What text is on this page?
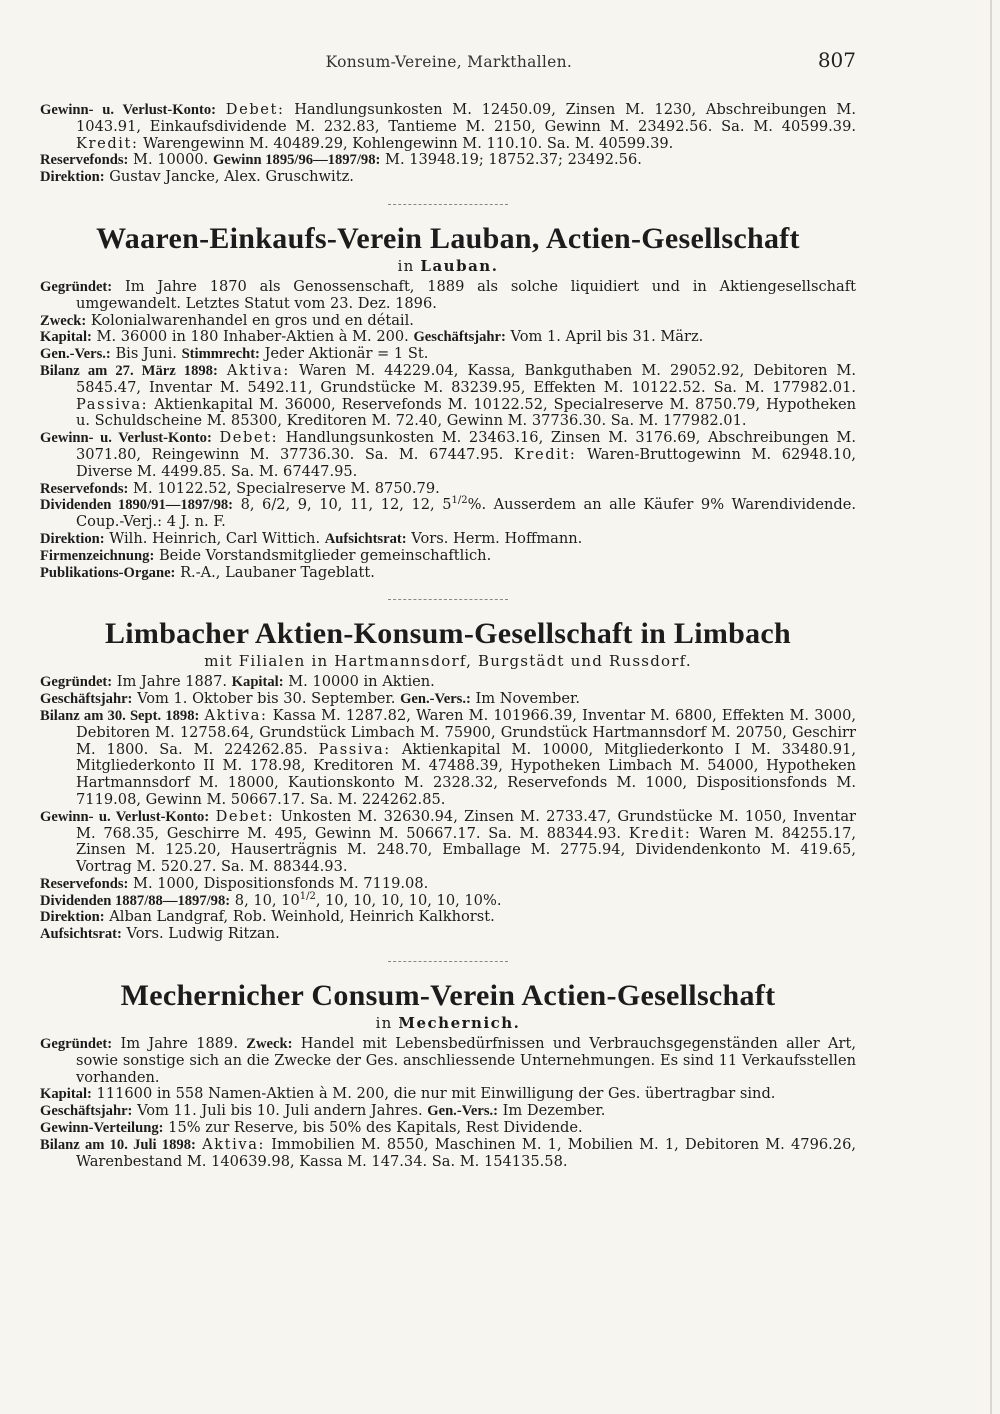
Konsum-Vereine, Markthallen.	807

Gewinn- u. Verlust-Konto: Debet: Handlungsunkosten M. 12450.09, Zinsen M. 1230, Abschreibungen M. 1043.91, Einkaufsdividende M. 232.83, Tantieme M. 2150, Gewinn M. 23492.56. Sa. M. 40599.39. Kredit: Warengewinn M. 40489.29, Kohlengewinn M. 110.10. Sa. M. 40599.39.

Reservefonds: M. 10000. Gewinn 1895/96—1897/98: M. 13948.19; 18752.37; 23492.56.

Direktion: Gustav Jancke, Alex. Gruschwitz.

Waaren-Einkaufs-Verein Lauban, Actien-Gesellschaft
in Lauban.

Gegründet: Im Jahre 1870 als Genossenschaft, 1889 als solche liquidiert und in Aktiengesellschaft umgewandelt. Letztes Statut vom 23. Dez. 1896.

Zweck: Kolonialwarenhandel en gros und en détail.

Kapital: M. 36000 in 180 Inhaber-Aktien à M. 200. Geschäftsjahr: Vom 1. April bis 31. März.

Gen.-Vers.: Bis Juni. Stimmrecht: Jeder Aktionär = 1 St.

Bilanz am 27. März 1898: Aktiva: Waren M. 44229.04, Kassa, Bankguthaben M. 29052.92, Debitoren M. 5845.47, Inventar M. 5492.11, Grundstücke M. 83239.95, Effekten M. 10122.52. Sa. M. 177982.01. Passiva: Aktienkapital M. 36000, Reservefonds M. 10122.52, Specialreserve M. 8750.79, Hypotheken u. Schuldscheine M. 85300, Kreditoren M. 72.40, Gewinn M. 37736.30. Sa. M. 177982.01.

Gewinn- u. Verlust-Konto: Debet: Handlungsunkosten M. 23463.16, Zinsen M. 3176.69, Abschreibungen M. 3071.80, Reingewinn M. 37736.30. Sa. M. 67447.95. Kredit: Waren-Bruttogewinn M. 62948.10, Diverse M. 4499.85. Sa. M. 67447.95.

Reservefonds: M. 10122.52, Specialreserve M. 8750.79.

Dividenden 1890/91—1897/98: 8, 6/2, 9, 10, 11, 12, 12, $5^{1/2}\%$. Ausserdem an alle Käufer 9% Warendividende. Coup.-Verj.: 4 J. n. F.

Direktion: Wilh. Heinrich, Carl Wittich. Aufsichtsrat: Vors. Herm. Hoffmann.

Firmenzeichnung: Beide Vorstandsmitglieder gemeinschaftlich.

Publikations-Organe: R.-A., Laubaner Tageblatt.

Limbacher Aktien-Konsum-Gesellschaft in Limbach
mit Filialen in Hartmannsdorf, Burgstädt und Russdorf.

Gegründet: Im Jahre 1887. Kapital: M. 10000 in Aktien.

Geschäftsjahr: Vom 1. Oktober bis 30. September. Gen.-Vers.: Im November.

Bilanz am 30. Sept. 1898: Aktiva: Kassa M. 1287.82, Waren M. 101966.39, Inventar M. 6800, Effekten M. 3000, Debitoren M. 12758.64, Grundstück Limbach M. 75900, Grundstück Hartmannsdorf M. 20750, Geschirr M. 1800. Sa. M. 224262.85. Passiva: Aktienkapital M. 10000, Mitgliederkonto I M. 33480.91, Mitgliederkonto II M. 178.98, Kreditoren M. 47488.39, Hypotheken Limbach M. 54000, Hypotheken Hartmannsdorf M. 18000, Kautionskonto M. 2328.32, Reservefonds M. 1000, Dispositionsfonds M. 7119.08, Gewinn M. 50667.17. Sa. M. 224262.85.

Gewinn- u. Verlust-Konto: Debet: Unkosten M. 32630.94, Zinsen M. 2733.47, Grundstücke M. 1050, Inventar M. 768.35, Geschirre M. 495, Gewinn M. 50667.17. Sa. M. 88344.93. Kredit: Waren M. 84255.17, Zinsen M. 125.20, Hauserträgnis M. 248.70, Emballage M. 2775.94, Dividendenkonto M. 419.65, Vortrag M. 520.27. Sa. M. 88344.93.

Reservefonds: M. 1000, Dispositionsfonds M. 7119.08.

Dividenden 1887/88—1897/98: 8, 10, $10^{1/2}$, 10, 10, 10, 10, 10, 10%.

Direktion: Alban Landgraf, Rob. Weinhold, Heinrich Kalkhorst.

Aufsichtsrat: Vors. Ludwig Ritzan.

Mechernicher Consum-Verein Actien-Gesellschaft
in Mechernich.

Gegründet: Im Jahre 1889. Zweck: Handel mit Lebensbedürfnissen und Verbrauchsgegenständen aller Art, sowie sonstige sich an die Zwecke der Ges. anschliessende Unternehmungen. Es sind 11 Verkaufsstellen vorhanden.

Kapital: 111600 in 558 Namen-Aktien à M. 200, die nur mit Einwilligung der Ges. übertragbar sind.

Geschäftsjahr: Vom 11. Juli bis 10. Juli andern Jahres. Gen.-Vers.: Im Dezember.

Gewinn-Verteilung: 15% zur Reserve, bis 50% des Kapitals, Rest Dividende.

Bilanz am 10. Juli 1898: Aktiva: Immobilien M. 8550, Maschinen M. 1, Mobilien M. 1, Debitoren M. 4796.26, Warenbestand M. 140639.98, Kassa M. 147.34. Sa. M. 154135.58.
